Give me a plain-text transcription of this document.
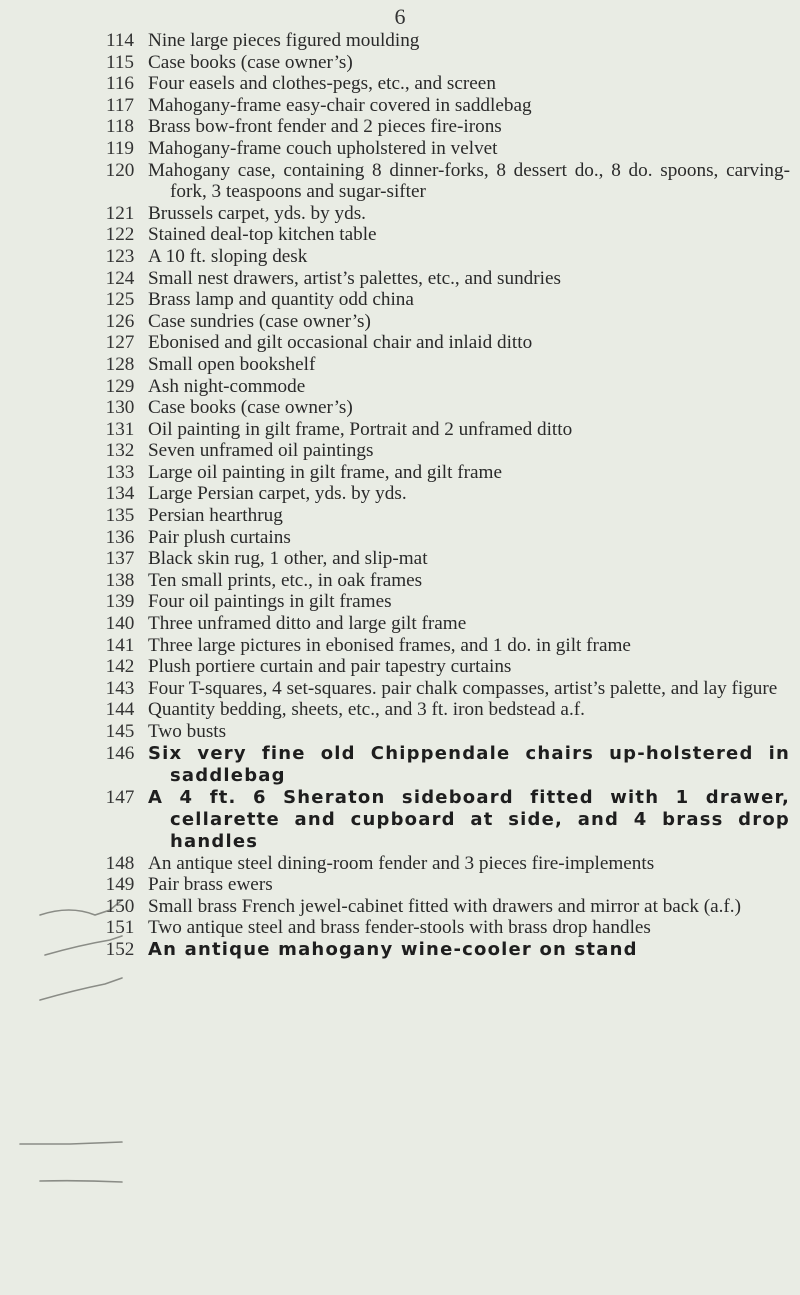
6
114 Nine large pieces figured moulding
115 Case books (case owner’s)
116 Four easels and clothes-pegs, etc., and screen
117 Mahogany-frame easy-chair covered in saddlebag
118 Brass bow-front fender and 2 pieces fire-irons
119 Mahogany-frame couch upholstered in velvet
120 Mahogany case, containing 8 dinner-forks, 8 dessert do., 8 do. spoons, carving-fork, 3 teaspoons and sugar-sifter
121 Brussels carpet, yds. by yds.
122 Stained deal-top kitchen table
123 A 10 ft. sloping desk
124 Small nest drawers, artist’s palettes, etc., and sundries
125 Brass lamp and quantity odd china
126 Case sundries (case owner’s)
127 Ebonised and gilt occasional chair and inlaid ditto
128 Small open bookshelf
129 Ash night-commode
130 Case books (case owner’s)
131 Oil painting in gilt frame, Portrait and 2 unframed ditto
132 Seven unframed oil paintings
133 Large oil painting in gilt frame, and gilt frame
134 Large Persian carpet, yds. by yds.
135 Persian hearthrug
136 Pair plush curtains
137 Black skin rug, 1 other, and slip-mat
138 Ten small prints, etc., in oak frames
139 Four oil paintings in gilt frames
140 Three unframed ditto and large gilt frame
141 Three large pictures in ebonised frames, and 1 do. in gilt frame
142 Plush portiere curtain and pair tapestry curtains
143 Four T-squares, 4 set-squares. pair chalk compasses, artist’s palette, and lay figure
144 Quantity bedding, sheets, etc., and 3 ft. iron bedstead a.f.
145 Two busts
146 Six very fine old Chippendale chairs up-holstered in saddlebag
147 A 4 ft. 6 Sheraton sideboard fitted with 1 drawer, cellarette and cupboard at side, and 4 brass drop handles
148 An antique steel dining-room fender and 3 pieces fire-implements
149 Pair brass ewers
150 Small brass French jewel-cabinet fitted with drawers and mirror at back (a.f.)
151 Two antique steel and brass fender-stools with brass drop handles
152 An antique mahogany wine-cooler on stand
